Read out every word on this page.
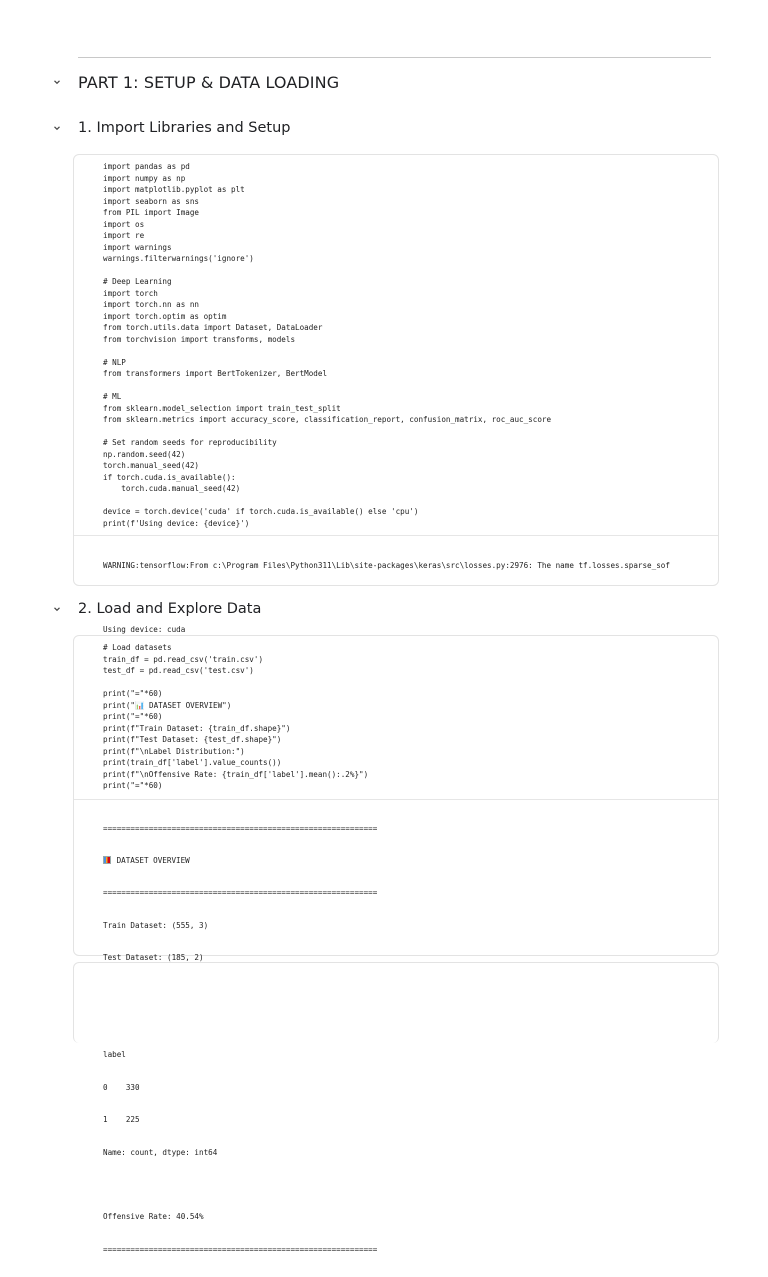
PART 1: SETUP & DATA LOADING
1. Import Libraries and Setup
import pandas as pd
import numpy as np
import matplotlib.pyplot as plt
import seaborn as sns
from PIL import Image
import os
import re
import warnings
warnings.filterwarnings('ignore')

# Deep Learning
import torch
import torch.nn as nn
import torch.optim as optim
from torch.utils.data import Dataset, DataLoader
from torchvision import transforms, models

# NLP
from transformers import BertTokenizer, BertModel

# ML
from sklearn.model_selection import train_test_split
from sklearn.metrics import accuracy_score, classification_report, confusion_matrix, roc_auc_score

# Set random seeds for reproducibility
np.random.seed(42)
torch.manual_seed(42)
if torch.cuda.is_available():
torch.cuda.manual_seed(42)

device = torch.device('cuda' if torch.cuda.is_available() else 'cpu')
print(f'Using device: {device}')

WARNING:tensorflow:From c:\Program Files\Python311\Lib\site-packages\keras\src\losses.py:2976: The name tf.losses.sparse_sof

Using device: cuda

2. Load and Explore Data
# Load datasets
train_df = pd.read_csv('train.csv')
test_df = pd.read_csv('test.csv')

print("="*60)
print("📊 DATASET OVERVIEW")
print("="*60)
print(f"Train Dataset: {train_df.shape}")
print(f"Test Dataset: {test_df.shape}")
print(f"\nLabel Distribution:")
print(train_df['label'].value_counts())
print(f"\nOffensive Rate: {train_df['label'].mean():.2%}")
print("="*60)

============================================================

DATASET OVERVIEW

============================================================

Train Dataset: (555, 3)

Test Dataset: (185, 2)

label

0    330

1    225

Name: count, dtype: int64

Offensive Rate: 40.54%

============================================================
